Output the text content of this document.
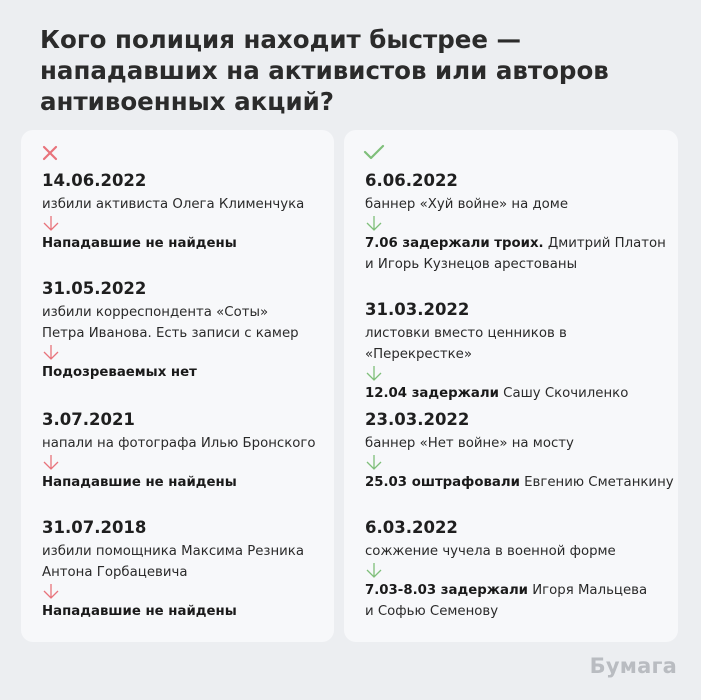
Кого полиция находит быстрее — нападавших на активистов или авторов антивоенных акций?
14.06.2022
избили активиста Олега Клименчука
Нападавшие не найдены
31.05.2022
избили корреспондента «Соты» Петра Иванова. Есть записи с камер
Подозреваемых нет
3.07.2021
напали на фотографа Илью Бронского
Нападавшие не найдены
31.07.2018
избили помощника Максима Резника Антона Горбацевича
Нападавшие не найдены
6.06.2022
баннер «Хуй войне» на доме
7.06 задержали троих. Дмитрий Платон и Игорь Кузнецов арестованы
31.03.2022
листовки вместо ценников в «Перекрестке»
12.04 задержали Сашу Скочиленко
23.03.2022
баннер «Нет войне» на мосту
25.03 оштрафовали Евгению Сметанкину
6.03.2022
сожжение чучела в военной форме
7.03-8.03 задержали Игоря Мальцева и Софью Семенову
Бумага
